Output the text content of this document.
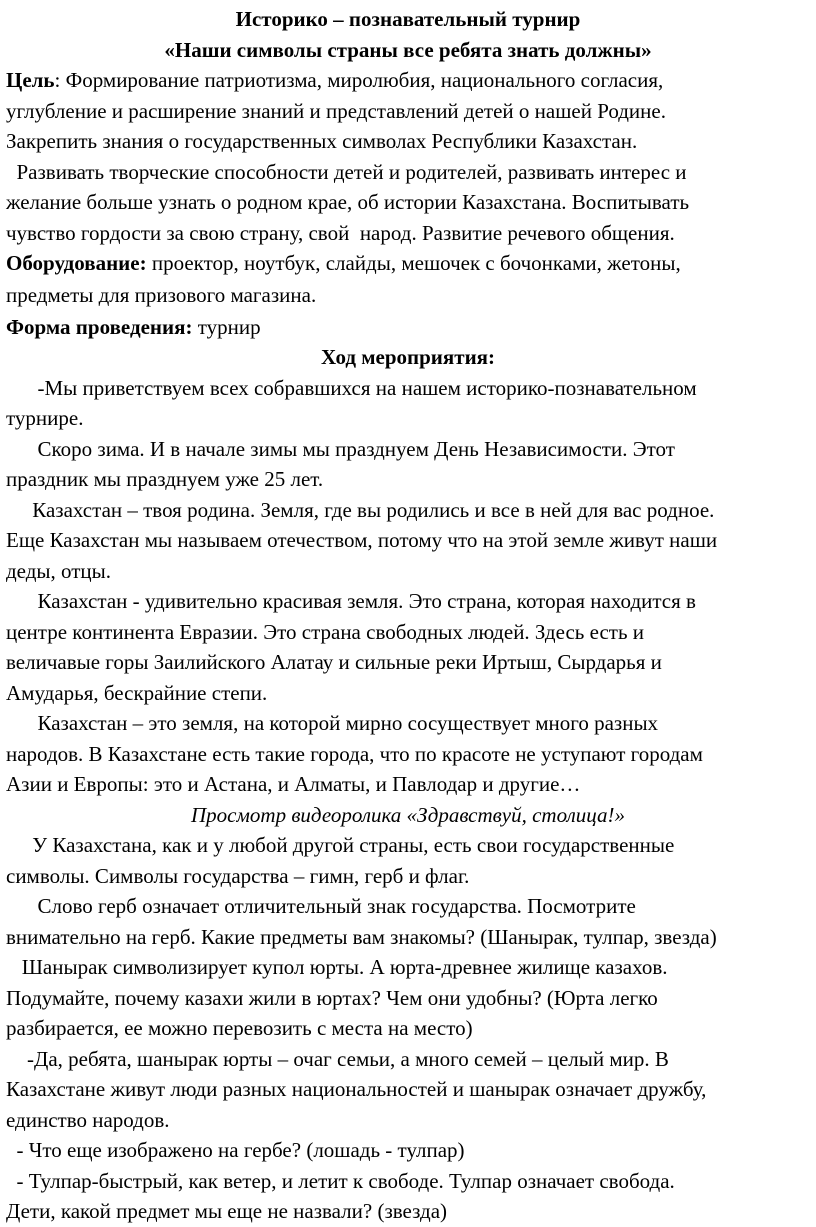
Историко – познавательный турнир
«Наши символы страны все ребята знать должны»
Цель: Формирование патриотизма, миролюбия, национального согласия,
углубление и расширение знаний и представлений детей о нашей Родине.
Закрепить знания о государственных символах Республики Казахстан.
Развивать творческие способности детей и родителей, развивать интерес и
желание больше узнать о родном крае, об истории Казахстана. Воспитывать
чувство гордости за свою страну, свой  народ. Развитие речевого общения.
Оборудование: проектор, ноутбук, слайды, мешочек с бочонками, жетоны,
предметы для призового магазина.
Форма проведения: турнир
Ход мероприятия:
-Мы приветствуем всех собравшихся на нашем историко-познавательном
турнире.
Скоро зима. И в начале зимы мы празднуем День Независимости. Этот
праздник мы празднуем уже 25 лет.
Казахстан – твоя родина. Земля, где вы родились и все в ней для вас родное.
Еще Казахстан мы называем отечеством, потому что на этой земле живут наши
деды, отцы.
Казахстан - удивительно красивая земля. Это страна, которая находится в
центре континента Евразии. Это страна свободных людей. Здесь есть и
величавые горы Заилийского Алатау и сильные реки Иртыш, Сырдарья и
Амударья, бескрайние степи.
Казахстан – это земля, на которой мирно сосуществует много разных
народов. В Казахстане есть такие города, что по красоте не уступают городам
Азии и Европы: это и Астана, и Алматы, и Павлодар и другие…
Просмотр видеоролика «Здравствуй, столица!»
У Казахстана, как и у любой другой страны, есть свои государственные
символы. Символы государства – гимн, герб и флаг.
Слово герб означает отличительный знак государства. Посмотрите
внимательно на герб. Какие предметы вам знакомы? (Шанырак, тулпар, звезда)
Шанырак символизирует купол юрты. А юрта-древнее жилище казахов.
Подумайте, почему казахи жили в юртах? Чем они удобны? (Юрта легко
разбирается, ее можно перевозить с места на место)
-Да, ребята, шанырак юрты – очаг семьи, а много семей – целый мир. В
Казахстане живут люди разных национальностей и шанырак означает дружбу,
единство народов.
- Что еще изображено на гербе? (лошадь - тулпар)
- Тулпар-быстрый, как ветер, и летит к свободе. Тулпар означает свобода.
Дети, какой предмет мы еще не назвали? (звезда)
